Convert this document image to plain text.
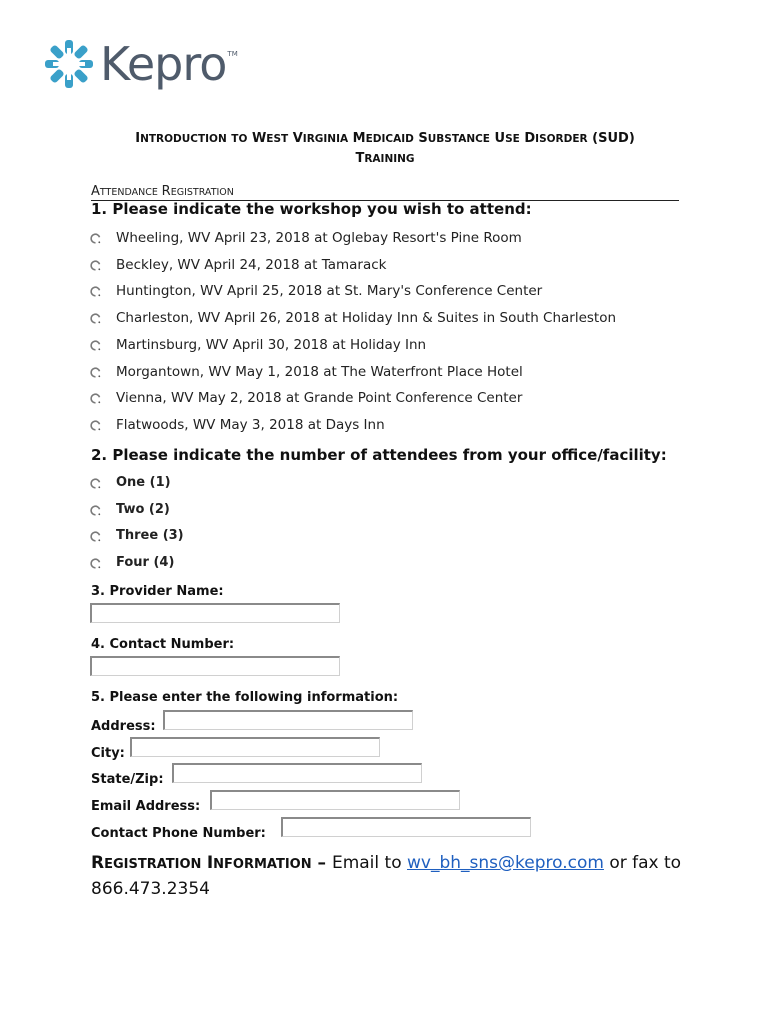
Kepro TM
INTRODUCTION TO WEST VIRGINIA MEDICAID SUBSTANCE USE DISORDER (SUD)
TRAINING
ATTENDANCE REGISTRATION
1. Please indicate the workshop you wish to attend:
Wheeling, WV April 23, 2018 at Oglebay Resort's Pine Room
Beckley, WV April 24, 2018 at Tamarack
Huntington, WV April 25, 2018 at St. Mary's Conference Center
Charleston, WV April 26, 2018 at Holiday Inn & Suites in South Charleston
Martinsburg, WV April 30, 2018 at Holiday Inn
Morgantown, WV May 1, 2018 at The Waterfront Place Hotel
Vienna, WV May 2, 2018 at Grande Point Conference Center
Flatwoods, WV May 3, 2018 at Days Inn
2. Please indicate the number of attendees from your office/facility:
One (1)
Two (2)
Three (3)
Four (4)
3. Provider Name:
4. Contact Number:
5. Please enter the following information:
Address:
City:
State/Zip:
Email Address:
Contact Phone Number:
REGISTRATION INFORMATION – Email to wv_bh_sns@kepro.com or fax to 866.473.2354
